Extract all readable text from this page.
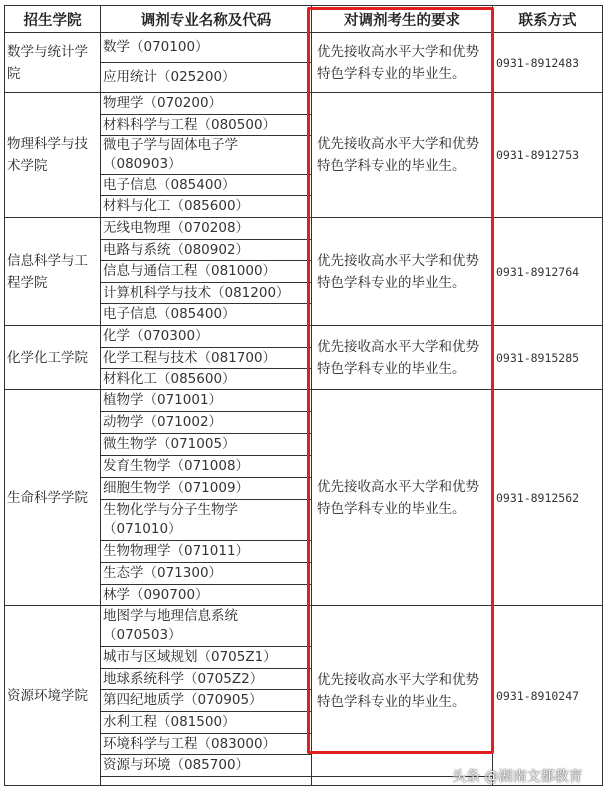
招生学院	调剂专业名称及代码	对调剂考生的要求	联系方式
数学与统计学院	数学（070100）	优先接收高水平大学和优势特色学科专业的毕业生。	0931-8912483
	应用统计（025200）		
物理科学与技术学院	物理学（070200）	优先接收高水平大学和优势特色学科专业的毕业生。	0931-8912753
	材料科学与工程（080500）		
	微电子学与固体电子学（080903）		
	电子信息（085400）		
	材料与化工（085600）		
信息科学与工程学院	无线电物理（070208）	优先接收高水平大学和优势特色学科专业的毕业生。	0931-8912764
	电路与系统（080902）		
	信息与通信工程（081000）		
	计算机科学与技术（081200）		
	电子信息（085400）		
化学化工学院	化学（070300）	优先接收高水平大学和优势特色学科专业的毕业生。	0931-8915285
	化学工程与技术（081700）		
	材料化工（085600）		
生命科学学院	植物学（071001）	优先接收高水平大学和优势特色学科专业的毕业生。	0931-8912562
	动物学（071002）		
	微生物学（071005）		
	发育生物学（071008）		
	细胞生物学（071009）		
	生物化学与分子生物学（071010）		
	生物物理学（071011）		
	生态学（071300）		
	林学（090700）		
资源环境学院	地图学与地理信息系统（070503）	优先接收高水平大学和优势特色学科专业的毕业生。	0931-8910247
	城市与区域规划（0705Z1）		
	地球系统科学（0705Z2）		
	第四纪地质学（070905）		
	水利工程（081500）		
	环境科学与工程（083000）		
	资源与环境（085700）		

头条 @湖南文都教育
